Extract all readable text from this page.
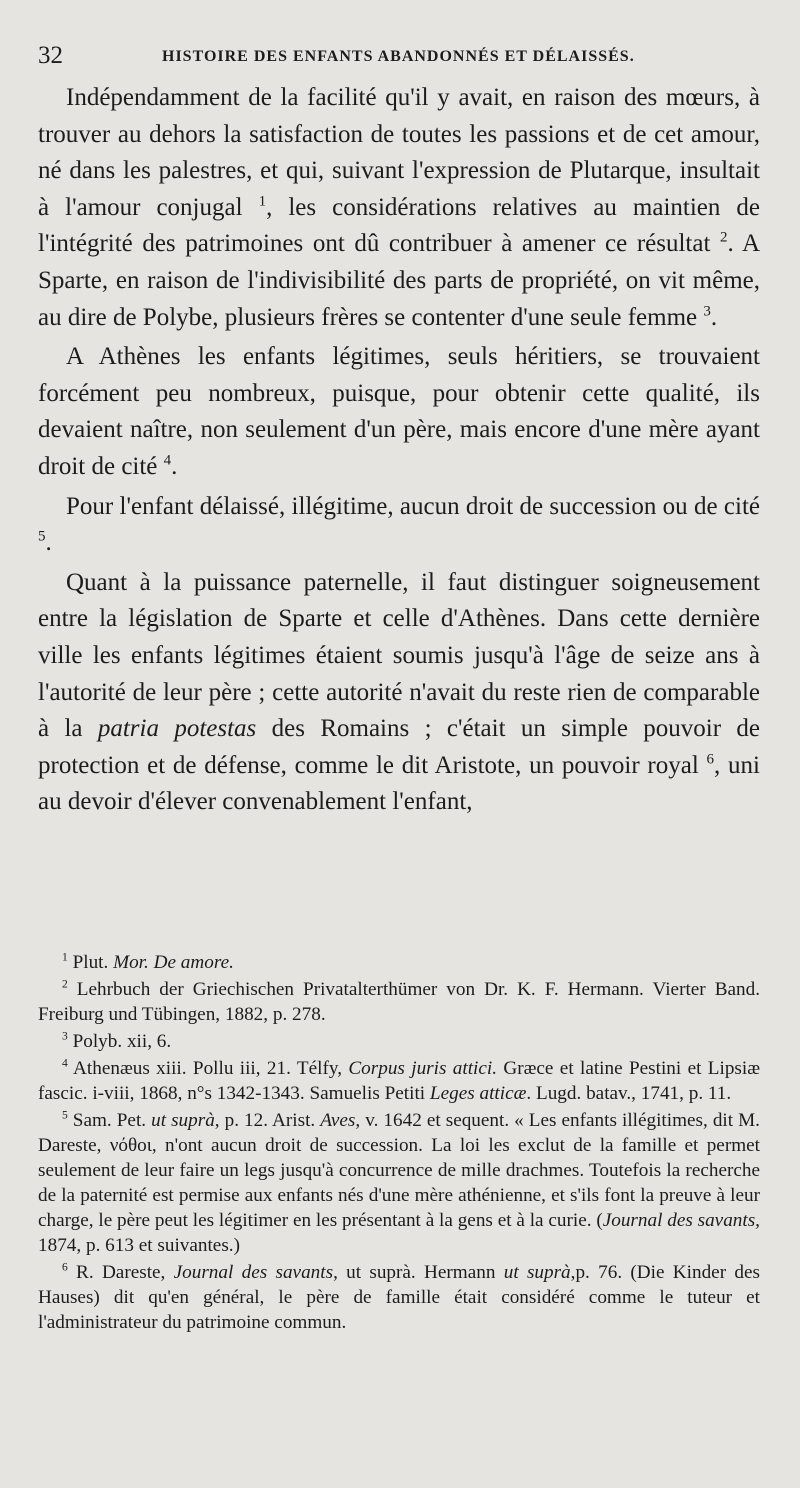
32	HISTOIRE DES ENFANTS ABANDONNÉS ET DÉLAISSÉS.

Indépendamment de la facilité qu'il y avait, en raison des mœurs, à trouver au dehors la satisfaction de toutes les passions et de cet amour, né dans les palestres, et qui, suivant l'expression de Plutarque, insultait à l'amour conjugal $^1$, les considérations relatives au maintien de l'intégrité des patrimoines ont dû contribuer à amener ce résultat $^2$. A Sparte, en raison de l'indivisibilité des parts de propriété, on vit même, au dire de Polybe, plusieurs frères se contenter d'une seule femme $^3$.

A Athènes les enfants légitimes, seuls héritiers, se trouvaient forcément peu nombreux, puisque, pour obtenir cette qualité, ils devaient naître, non seulement d'un père, mais encore d'une mère ayant droit de cité $^4$.

Pour l'enfant délaissé, illégitime, aucun droit de succession ou de cité $^5$.

Quant à la puissance paternelle, il faut distinguer soigneusement entre la législation de Sparte et celle d'Athènes. Dans cette dernière ville les enfants légitimes étaient soumis jusqu'à l'âge de seize ans à l'autorité de leur père ; cette autorité n'avait du reste rien de comparable à la patria potestas des Romains ; c'était un simple pouvoir de protection et de défense, comme le dit Aristote, un pouvoir royal $^6$, uni au devoir d'élever convenablement l'enfant,

$^1$ Plut. Mor. De amore.

$^2$ Lehrbuch der Griechischen Privatalterthümer von Dr. K. F. Hermann. Vierter Band. Freiburg und Tübingen, 1882, p. 278.

$^3$ Polyb. xii, 6.

$^4$ Athenæus xiii. Pollu iii, 21. Télfy, Corpus juris attici. Græce et latine Pestini et Lipsiæ fascic. i-viii, 1868, n°s 1342-1343. Samuelis Petiti Leges atticæ. Lugd. batav., 1741, p. 11.

$^5$ Sam. Pet. ut suprà, p. 12. Arist. Aves, v. 1642 et sequent. « Les enfants illégitimes, dit M. Dareste, νόθοι, n'ont aucun droit de succession. La loi les exclut de la famille et permet seulement de leur faire un legs jusqu'à concurrence de mille drachmes. Toutefois la recherche de la paternité est permise aux enfants nés d'une mère athénienne, et s'ils font la preuve à leur charge, le père peut les légitimer en les présentant à la gens et à la curie. (Journal des savants, 1874, p. 613 et suivantes.)

$^6$ R. Dareste, Journal des savants, ut suprà. Hermann ut suprà,p. 76. (Die Kinder des Hauses) dit qu'en général, le père de famille était considéré comme le tuteur et l'administrateur du patrimoine commun.
